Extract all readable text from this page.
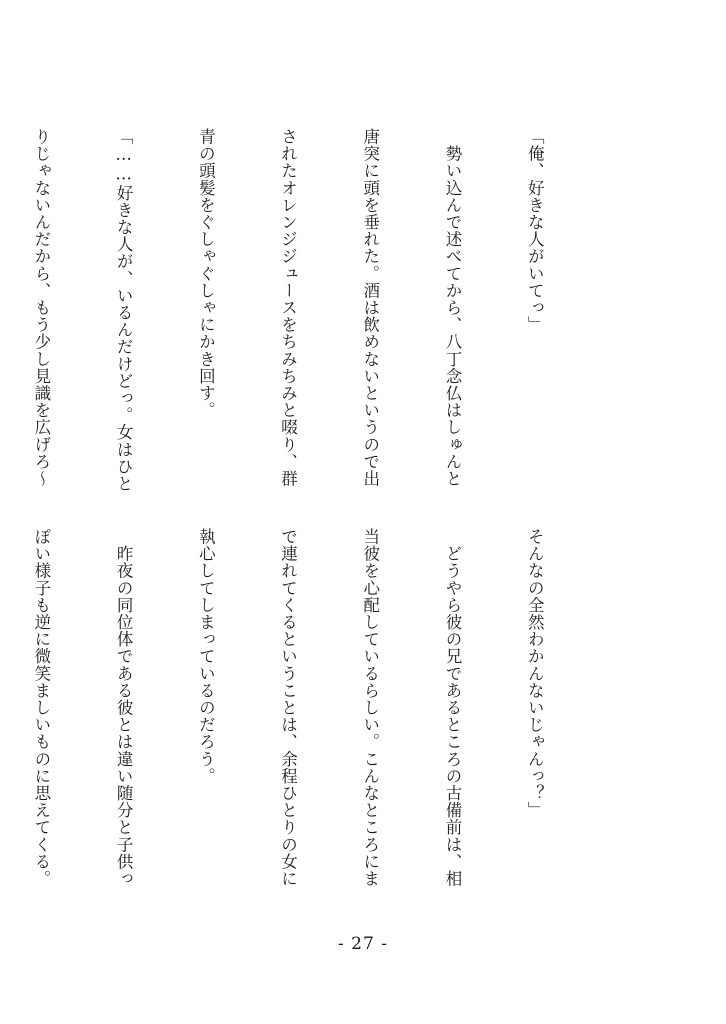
「俺、好きな人がいてっ」

　勢い込んで述べてから、八丁念仏はしゅんと

唐突に頭を垂れた。酒は飲めないというので出

されたオレンジジュースをちみちみと啜り、群

青の頭髪をぐしゃぐしゃにかき回す。

「……好きな人が、いるんだけどっ。女はひと

りじゃないんだから、もう少し見識を広げろ～

そんなの全然わかんないじゃんっ？」

　どうやら彼の兄であるところの古備前は、相

当彼を心配しているらしい。こんなところにま

で連れてくるということは、余程ひとりの女に

執心してしまっているのだろう。

　昨夜の同位体である彼とは違い随分と子供っ

ぽい様子も逆に微笑ましいものに思えてくる。

- 27 -
